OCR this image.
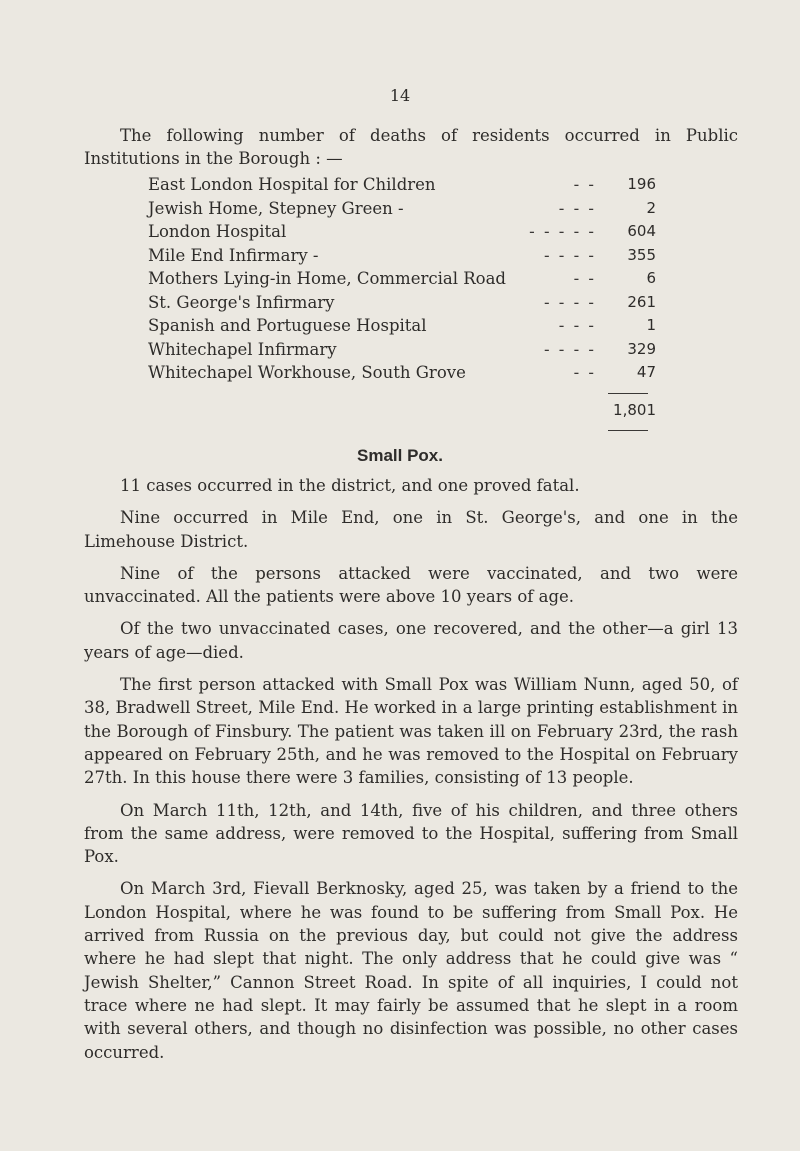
14

The following number of deaths of residents occurred in Public Institutions in the Borough : —

East London Hospital for Children	- -	196
Jewish Home, Stepney Green -	- - -	2
London Hospital	- - - - -	604
Mile End Infirmary -	- - - -	355
Mothers Lying-in Home, Commercial Road	- -	6
St. George's Infirmary	- - - -	261
Spanish and Portuguese Hospital	- - -	1
Whitechapel Infirmary	- - - -	329
Whitechapel Workhouse, South Grove	- -	47
1,801
Small Pox.

11 cases occurred in the district, and one proved fatal.

Nine occurred in Mile End, one in St. George's, and one in the Limehouse District.

Nine of the persons attacked were vaccinated, and two were unvaccinated. All the patients were above 10 years of age.

Of the two unvaccinated cases, one recovered, and the other—a girl 13 years of age—died.

The first person attacked with Small Pox was William Nunn, aged 50, of 38, Bradwell Street, Mile End. He worked in a large printing establishment in the Borough of Finsbury. The patient was taken ill on February 23rd, the rash appeared on February 25th, and he was removed to the Hospital on February 27th. In this house there were 3 families, consisting of 13 people.

On March 11th, 12th, and 14th, five of his children, and three others from the same address, were removed to the Hospital, suffering from Small Pox.

On March 3rd, Fievall Berknosky, aged 25, was taken by a friend to the London Hospital, where he was found to be suffering from Small Pox. He arrived from Russia on the previous day, but could not give the address where he had slept that night. The only address that he could give was “ Jewish Shelter,” Cannon Street Road. In spite of all inquiries, I could not trace where ne had slept. It may fairly be assumed that he slept in a room with several others, and though no disinfection was possible, no other cases occurred.
